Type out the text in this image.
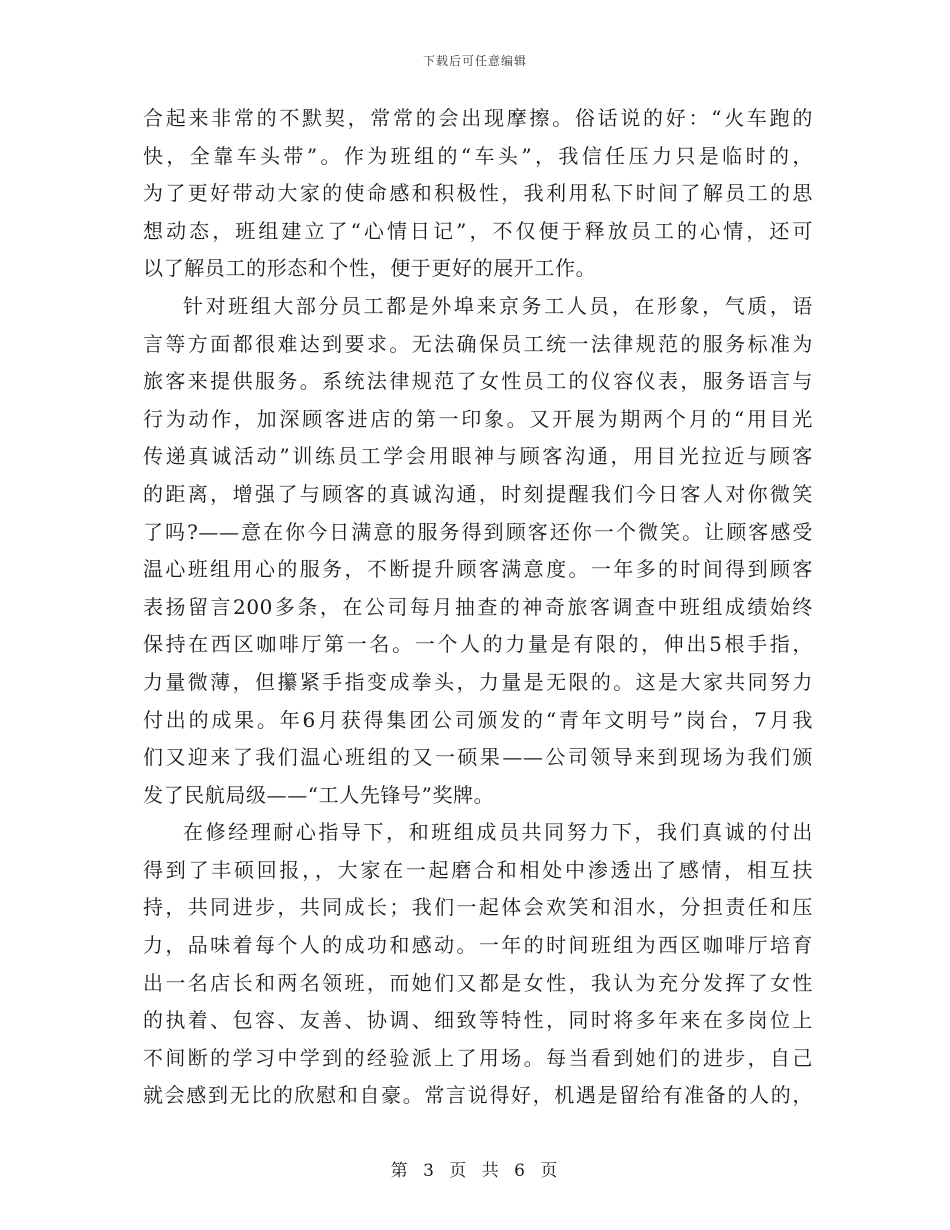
下载后可任意编辑
合起来非常的不默契，常常的会出现摩擦。俗话说的好：“火车跑的
快，全靠车头带”。作为班组的“车头”，我信任压力只是临时的，
为了更好带动大家的使命感和积极性，我利用私下时间了解员工的思
想动态，班组建立了“心情日记”，不仅便于释放员工的心情，还可
以了解员工的形态和个性，便于更好的展开工作。
针对班组大部分员工都是外埠来京务工人员，在形象，气质，语
言等方面都很难达到要求。无法确保员工统一法律规范的服务标准为
旅客来提供服务。系统法律规范了女性员工的仪容仪表，服务语言与
行为动作，加深顾客进店的第一印象。又开展为期两个月的“用目光
传递真诚活动”训练员工学会用眼神与顾客沟通，用目光拉近与顾客
的距离，增强了与顾客的真诚沟通，时刻提醒我们今日客人对你微笑
了吗?——意在你今日满意的服务得到顾客还你一个微笑。让顾客感受
温心班组用心的服务，不断提升顾客满意度。一年多的时间得到顾客
表扬留言200多条，在公司每月抽查的神奇旅客调查中班组成绩始终
保持在西区咖啡厅第一名。一个人的力量是有限的，伸出5根手指，
力量微薄，但攥紧手指变成拳头，力量是无限的。这是大家共同努力
付出的成果。年6月获得集团公司颁发的“青年文明号”岗台，7月我
们又迎来了我们温心班组的又一硕果——公司领导来到现场为我们颁
发了民航局级——“工人先锋号”奖牌。
在修经理耐心指导下，和班组成员共同努力下，我们真诚的付出
得到了丰硕回报，，大家在一起磨合和相处中渗透出了感情，相互扶
持，共同进步，共同成长；我们一起体会欢笑和泪水，分担责任和压
力，品味着每个人的成功和感动。一年的时间班组为西区咖啡厅培育
出一名店长和两名领班，而她们又都是女性，我认为充分发挥了女性
的执着、包容、友善、协调、细致等特性，同时将多年来在多岗位上
不间断的学习中学到的经验派上了用场。每当看到她们的进步，自己
就会感到无比的欣慰和自豪。常言说得好，机遇是留给有准备的人的，
第 3 页 共 6 页
